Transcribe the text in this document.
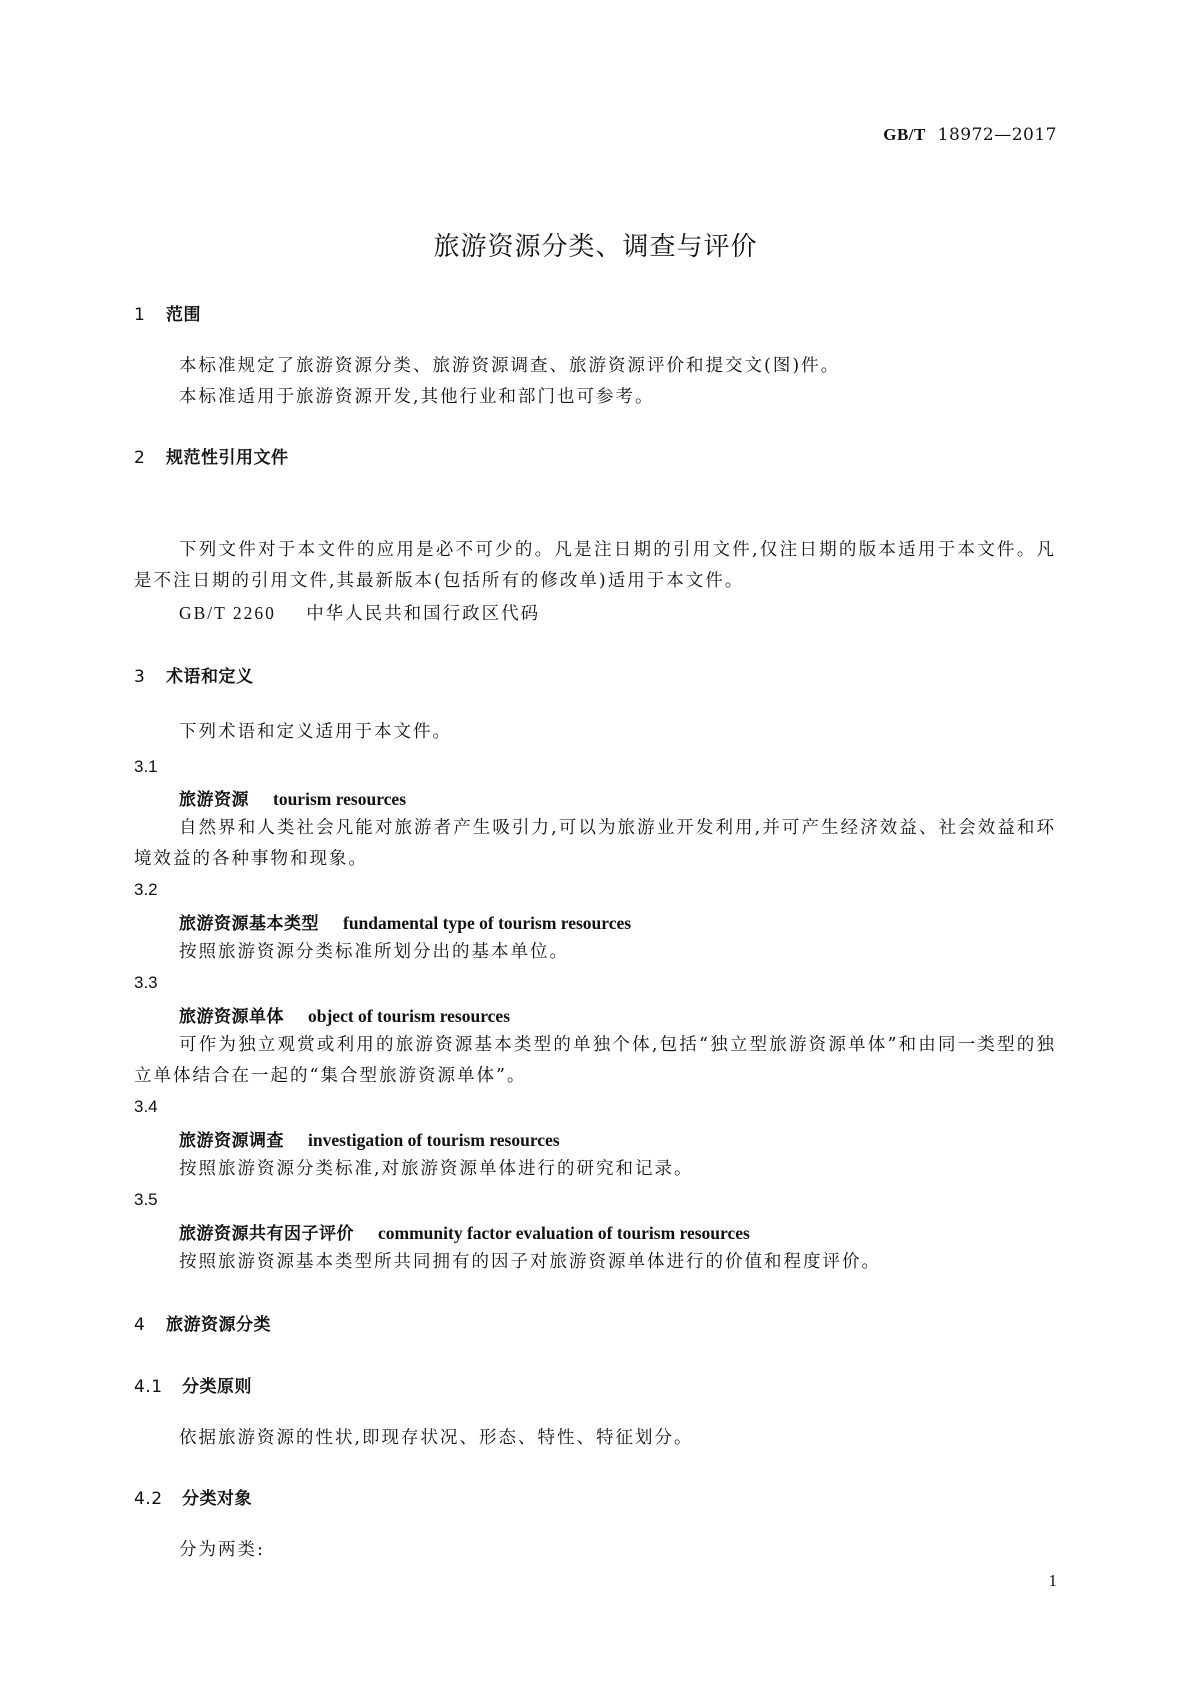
GB/T 18972—2017
旅游资源分类、调查与评价
1 范围
本标准规定了旅游资源分类、旅游资源调查、旅游资源评价和提交文(图)件。
本标准适用于旅游资源开发,其他行业和部门也可参考。
2 规范性引用文件
下列文件对于本文件的应用是必不可少的。凡是注日期的引用文件,仅注日期的版本适用于本文件。凡是不注日期的引用文件,其最新版本(包括所有的修改单)适用于本文件。
GB/T 2260 中华人民共和国行政区代码
3 术语和定义
下列术语和定义适用于本文件。
3.1
旅游资源 tourism resources
自然界和人类社会凡能对旅游者产生吸引力,可以为旅游业开发利用,并可产生经济效益、社会效益和环境效益的各种事物和现象。
3.2
旅游资源基本类型 fundamental type of tourism resources
按照旅游资源分类标准所划分出的基本单位。
3.3
旅游资源单体 object of tourism resources
可作为独立观赏或利用的旅游资源基本类型的单独个体,包括“独立型旅游资源单体”和由同一类型的独立单体结合在一起的“集合型旅游资源单体”。
3.4
旅游资源调查 investigation of tourism resources
按照旅游资源分类标准,对旅游资源单体进行的研究和记录。
3.5
旅游资源共有因子评价 community factor evaluation of tourism resources
按照旅游资源基本类型所共同拥有的因子对旅游资源单体进行的价值和程度评价。
4 旅游资源分类
4.1 分类原则
依据旅游资源的性状,即现存状况、形态、特性、特征划分。
4.2 分类对象
分为两类:
1
